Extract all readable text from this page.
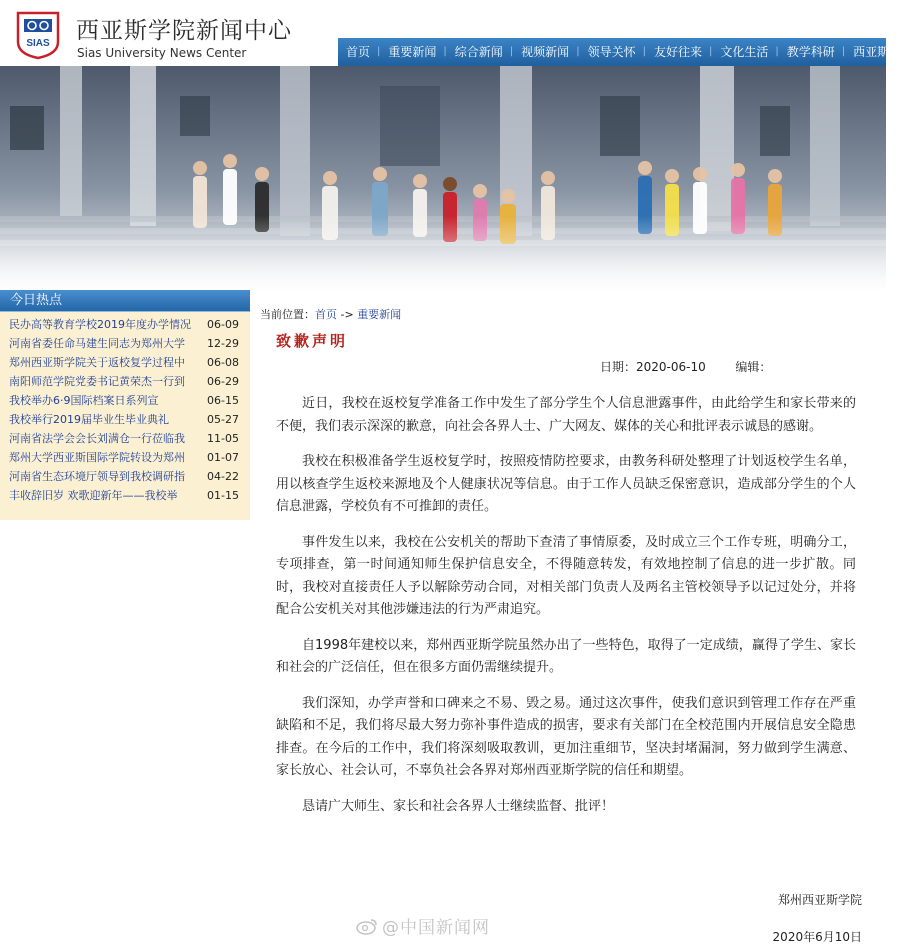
SIAS 西亚斯学院新闻中心
Sias University News Center	首页 | 重要新闻 | 综合新闻 | 视频新闻 | 领导关怀 | 友好往来 | 文化生活 | 教学科研 | 西亚斯人
今日热点
民办高等教育学校2019年度办学情况 06-09
河南省委任命马建生同志为郑州大学 12-29
郑州西亚斯学院关于返校复学过程中 06-08
南阳师范学院党委书记黄荣杰一行到 06-29
我校举办6·9国际档案日系列宣	06-15
我校举行2019届毕业生毕业典礼	05-27
河南省法学会会长刘满仓一行莅临我 11-05
郑州大学西亚斯国际学院转设为郑州 01-07
河南省生态环境厅领导到我校调研指 04-22
丰收辞旧岁 欢歌迎新年——我校举	01-15
当前位置：首页 -> 重要新闻
致歉声明
日期：2020-06-10 编辑：

近日，我校在返校复学准备工作中发生了部分学生个人信息泄露事件，由此给学生和家长带来的不便，我们表示深深的歉意，向社会各界人士、广大网友、媒体的关心和批评表示诚恳的感谢。

我校在积极准备学生返校复学时，按照疫情防控要求，由教务科研处整理了计划返校学生名单，用以核查学生返校来源地及个人健康状况等信息。由于工作人员缺乏保密意识，造成部分学生的个人信息泄露，学校负有不可推卸的责任。

事件发生以来，我校在公安机关的帮助下查清了事情原委，及时成立三个工作专班，明确分工，专项排查，第一时间通知师生保护信息安全，不得随意转发，有效地控制了信息的进一步扩散。同时，我校对直接责任人予以解除劳动合同，对相关部门负责人及两名主管校领导予以记过处分，并将配合公安机关对其他涉嫌违法的行为严肃追究。

自1998年建校以来，郑州西亚斯学院虽然办出了一些特色，取得了一定成绩，赢得了学生、家长和社会的广泛信任，但在很多方面仍需继续提升。

我们深知，办学声誉和口碑来之不易、毁之易。通过这次事件，使我们意识到管理工作存在严重缺陷和不足，我们将尽最大努力弥补事件造成的损害，要求有关部门在全校范围内开展信息安全隐患排查。在今后的工作中，我们将深刻吸取教训，更加注重细节，坚决封堵漏洞，努力做到学生满意、家长放心、社会认可，不辜负社会各界对郑州西亚斯学院的信任和期望。

恳请广大师生、家长和社会各界人士继续监督、批评！

郑州西亚斯学院
@中国新闻网	2020年6月10日
